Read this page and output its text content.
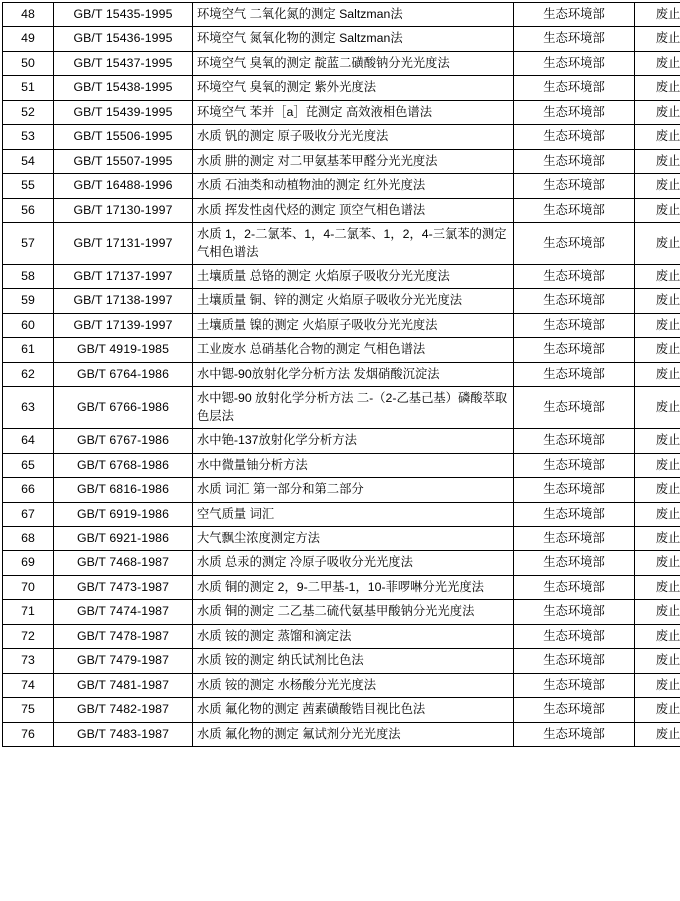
48	GB/T 15435-1995	环境空气 二氧化氮的测定 Saltzman法	生态环境部	废止
49	GB/T 15436-1995	环境空气 氮氧化物的测定 Saltzman法	生态环境部	废止
50	GB/T 15437-1995	环境空气 臭氧的测定 靛蓝二磺酸钠分光光度法	生态环境部	废止
51	GB/T 15438-1995	环境空气 臭氧的测定 紫外光度法	生态环境部	废止
52	GB/T 15439-1995	环境空气 苯并［a］芘测定 高效液相色谱法	生态环境部	废止
53	GB/T 15506-1995	水质 钒的测定 原子吸收分光光度法	生态环境部	废止
54	GB/T 15507-1995	水质 肼的测定 对二甲氨基苯甲醛分光光度法	生态环境部	废止
55	GB/T 16488-1996	水质 石油类和动植物油的测定 红外光度法	生态环境部	废止
56	GB/T 17130-1997	水质 挥发性卤代烃的测定 顶空气相色谱法	生态环境部	废止
57	GB/T 17131-1997	水质 1，2-二氯苯、1，4-二氯苯、1，2，4-三氯苯的测定 气相色谱法	生态环境部	废止
58	GB/T 17137-1997	土壤质量 总铬的测定 火焰原子吸收分光光度法	生态环境部	废止
59	GB/T 17138-1997	土壤质量 铜、锌的测定 火焰原子吸收分光光度法	生态环境部	废止
60	GB/T 17139-1997	土壤质量 镍的测定 火焰原子吸收分光光度法	生态环境部	废止
61	GB/T 4919-1985	工业废水 总硝基化合物的测定 气相色谱法	生态环境部	废止
62	GB/T 6764-1986	水中锶-90放射化学分析方法 发烟硝酸沉淀法	生态环境部	废止
63	GB/T 6766-1986	水中锶-90 放射化学分析方法 二-（2-乙基己基）磷酸萃取色层法	生态环境部	废止
64	GB/T 6767-1986	水中铯-137放射化学分析方法	生态环境部	废止
65	GB/T 6768-1986	水中微量铀分析方法	生态环境部	废止
66	GB/T 6816-1986	水质 词汇 第一部分和第二部分	生态环境部	废止
67	GB/T 6919-1986	空气质量 词汇	生态环境部	废止
68	GB/T 6921-1986	大气飘尘浓度测定方法	生态环境部	废止
69	GB/T 7468-1987	水质 总汞的测定 冷原子吸收分光光度法	生态环境部	废止
70	GB/T 7473-1987	水质 铜的测定 2，9-二甲基-1，10-菲啰啉分光光度法	生态环境部	废止
71	GB/T 7474-1987	水质 铜的测定 二乙基二硫代氨基甲酸钠分光光度法	生态环境部	废止
72	GB/T 7478-1987	水质 铵的测定 蒸馏和滴定法	生态环境部	废止
73	GB/T 7479-1987	水质 铵的测定 纳氏试剂比色法	生态环境部	废止
74	GB/T 7481-1987	水质 铵的测定 水杨酸分光光度法	生态环境部	废止
75	GB/T 7482-1987	水质 氟化物的测定 茜素磺酸锆目视比色法	生态环境部	废止
76	GB/T 7483-1987	水质 氟化物的测定 氟试剂分光光度法	生态环境部	废止
